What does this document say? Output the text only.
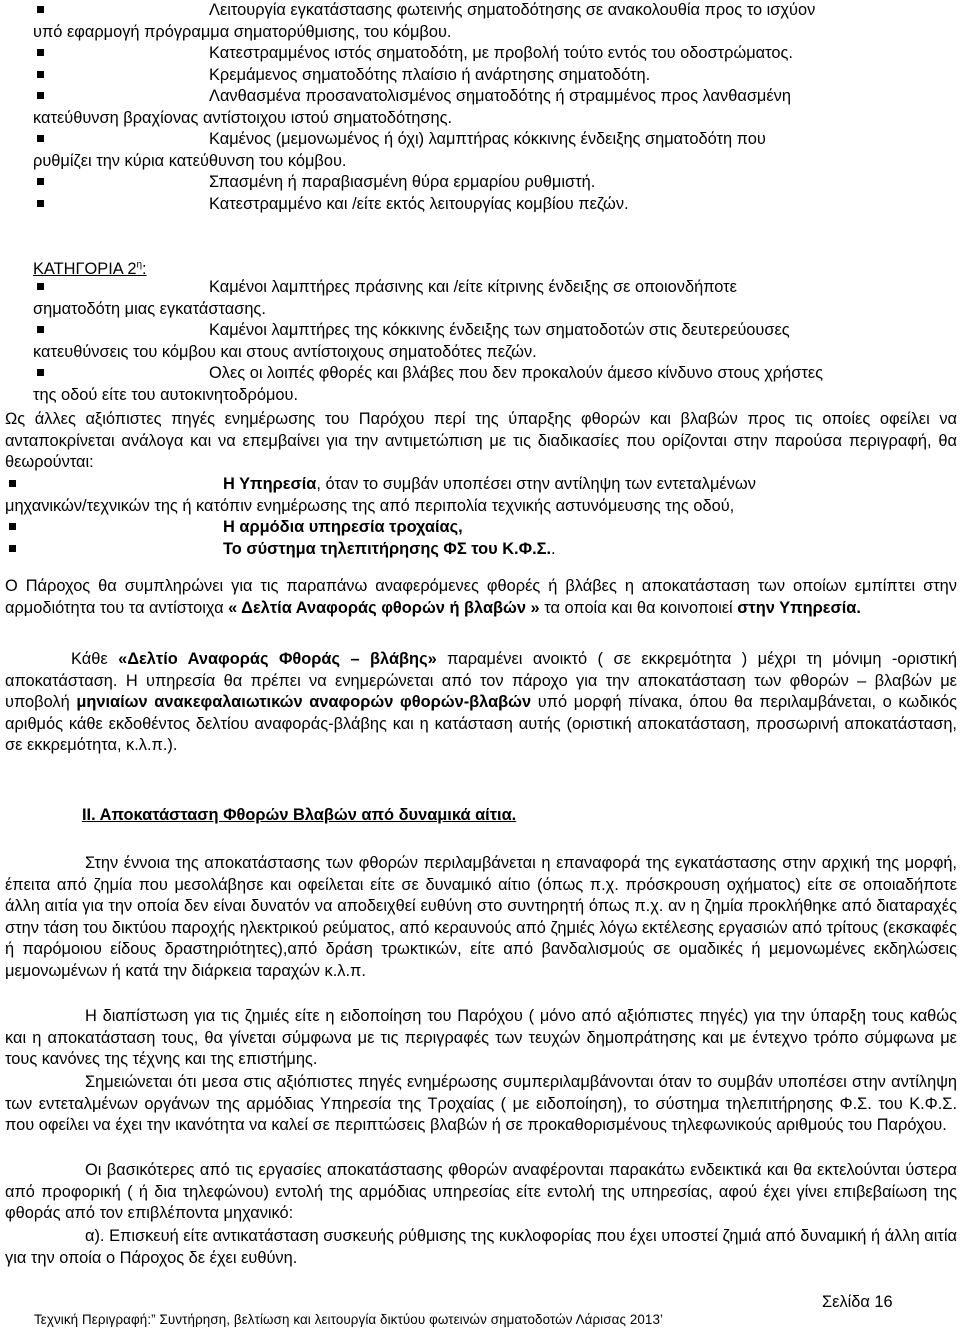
Λειτουργία εγκατάστασης φωτεινής σηματοδότησης σε ανακολουθία προς το ισχύον
υπό εφαρμογή πρόγραμμα σηματορύθμισης, του κόμβου.
Κατεστραμμένος ιστός σηματοδότη, με προβολή τούτο εντός του οδοστρώματος.
Κρεμάμενος σηματοδότης πλαίσιο ή ανάρτησης σηματοδότη.
Λανθασμένα προσανατολισμένος σηματοδότης ή στραμμένος προς λανθασμένη
κατεύθυνση βραχίονας αντίστοιχου ιστού σηματοδότησης.
Καμένος (μεμονωμένος ή όχι) λαμπτήρας κόκκινης ένδειξης σηματοδότη που
ρυθμίζει την κύρια κατεύθυνση του κόμβου.
Σπασμένη ή παραβιασμένη θύρα ερμαρίου ρυθμιστή.
Κατεστραμμένο και /είτε εκτός λειτουργίας κομβίου πεζών.
ΚΑΤΗΓΟΡΙΑ $2^\eta$:
Καμένοι λαμπτήρες πράσινης και /είτε κίτρινης ένδειξης σε οποιονδήποτε
σηματοδότη μιας εγκατάστασης.
Καμένοι λαμπτήρες της κόκκινης ένδειξης των σηματοδοτών στις δευτερεύουσες
κατευθύνσεις του κόμβου και στους αντίστοιχους σηματοδότες πεζών.
Ολες οι λοιπές φθορές και βλάβες που δεν προκαλούν άμεσο κίνδυνο στους χρήστες
της οδού είτε του αυτοκινητοδρόμου.
Ως άλλες αξιόπιστες πηγές ενημέρωσης του Παρόχου περί της ύπαρξης φθορών και βλαβών προς τις οποίες οφείλει να ανταποκρίνεται ανάλογα και να επεμβαίνει για την αντιμετώπιση με τις διαδικασίες που ορίζονται στην παρούσα περιγραφή, θα θεωρούνται:
Η Υπηρεσία, όταν το συμβάν υποπέσει στην αντίληψη των εντεταλμένων
μηχανικών/τεχνικών της ή κατόπιν ενημέρωσης της από περιπολία τεχνικής αστυνόμευσης της οδού,
Η αρμόδια υπηρεσία τροχαίας,
Το σύστημα τηλεπιτήρησης ΦΣ του Κ.Φ.Σ..
Ο Πάροχος θα συμπληρώνει για τις παραπάνω αναφερόμενες φθορές ή βλάβες η αποκατάσταση των οποίων εμπίπτει στην αρμοδιότητα του τα αντίστοιχα « Δελτία Αναφοράς φθορών ή βλαβών » τα οποία και θα κοινοποιεί στην Υπηρεσία.
Κάθε «Δελτίο Αναφοράς Φθοράς – βλάβης» παραμένει ανοικτό ( σε εκκρεμότητα ) μέχρι τη μόνιμη -οριστική αποκατάσταση. Η υπηρεσία θα πρέπει να ενημερώνεται από τον πάροχο για την αποκατάσταση των φθορών – βλαβών με υποβολή μηνιαίων ανακεφαλαιωτικών αναφορών φθορών-βλαβών υπό μορφή πίνακα, όπου θα περιλαμβάνεται, ο κωδικός αριθμός κάθε εκδοθέντος δελτίου αναφοράς-βλάβης και η κατάσταση αυτής (οριστική αποκατάσταση, προσωρινή αποκατάσταση, σε εκκρεμότητα, κ.λ.π.).
ΙΙ. Αποκατάσταση Φθορών Βλαβών από δυναμικά αίτια.
Στην έννοια της αποκατάστασης των φθορών περιλαμβάνεται η επαναφορά της εγκατάστασης στην αρχική της μορφή, έπειτα από ζημία που μεσολάβησε και οφείλεται είτε σε δυναμικό αίτιο (όπως π.χ. πρόσκρουση οχήματος) είτε σε οποιαδήποτε άλλη αιτία για την οποία δεν είναι δυνατόν να αποδειχθεί ευθύνη στο συντηρητή όπως π.χ. αν η ζημία προκλήθηκε από διαταραχές στην τάση του δικτύου παροχής ηλεκτρικού ρεύματος, από κεραυνούς από ζημιές λόγω εκτέλεσης εργασιών από τρίτους (εκσκαφές ή παρόμοιου είδους δραστηριότητες),από δράση τρωκτικών, είτε από βανδαλισμούς σε ομαδικές ή μεμονωμένες εκδηλώσεις μεμονωμένων ή κατά την διάρκεια ταραχών κ.λ.π.
Η διαπίστωση για τις ζημιές είτε η ειδοποίηση του Παρόχου ( μόνο από αξιόπιστες πηγές) για την ύπαρξη τους καθώς και η αποκατάσταση τους, θα γίνεται σύμφωνα με τις περιγραφές των τευχών δημοπράτησης και με έντεχνο τρόπο σύμφωνα με τους κανόνες της τέχνης και της επιστήμης.
Σημειώνεται ότι μεσα στις αξιόπιστες πηγές ενημέρωσης συμπεριλαμβάνονται όταν το συμβάν υποπέσει στην αντίληψη των εντεταλμένων οργάνων της αρμόδιας Υπηρεσία της Τροχαίας ( με ειδοποίηση), το σύστημα τηλεπιτήρησης Φ.Σ. του Κ.Φ.Σ. που οφείλει να έχει την ικανότητα να καλεί σε περιπτώσεις βλαβών ή σε προκαθορισμένους τηλεφωνικούς αριθμούς του Παρόχου.
Οι βασικότερες από τις εργασίες αποκατάστασης φθορών αναφέρονται παρακάτω ενδεικτικά και θα εκτελούνται ύστερα από προφορική ( ή δια τηλεφώνου) εντολή της αρμόδιας υπηρεσίας είτε εντολή της υπηρεσίας, αφού έχει γίνει επιβεβαίωση της φθοράς από τον επιβλέποντα μηχανικό:
α). Επισκευή είτε αντικατάσταση συσκευής ρύθμισης της κυκλοφορίας που έχει υποστεί ζημιά από δυναμική ή άλλη αιτία για την οποία ο Πάροχος δε έχει ευθύνη.
Σελίδα 16
Τεχνική Περιγραφή:” Συντήρηση, βελτίωση και λειτουργία δικτύου φωτεινών σηματοδοτών Λάρισας 2013’
